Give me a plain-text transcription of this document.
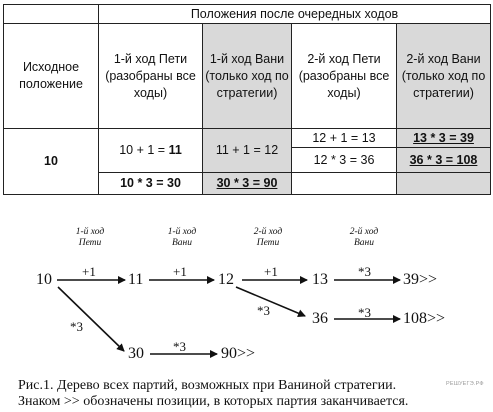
	Положения после очередных ходов			
Исходное положение	1-й ход Пети (разобраны все ходы)	1-й ход Вани (только ход по стратегии)	2-й ход Пети (разобраны все ходы)	2-й ход Вани (только ход по стратегии)
10	10 + 1 = 11	11 + 1 = 12	12 + 1 = 13	13 * 3 = 39
			12 * 3 = 36	36 * 3 = 108
	10 * 3 = 30	30 * 3 = 90		
1-й ход
Пети
1-й ход
Вани
2-й ход
Пети
2-й ход
Вани
10	11	12	13	39>>
36	108>>
30	90>>
+1	+1	+1	*3
*3	*3
*3
*3
Рис.1. Дерево всех партий, возможных при Ваниной стратегии.
Знаком >> обозначены позиции, в которых партия заканчивается.
РЕШУЕГЭ.РФ
